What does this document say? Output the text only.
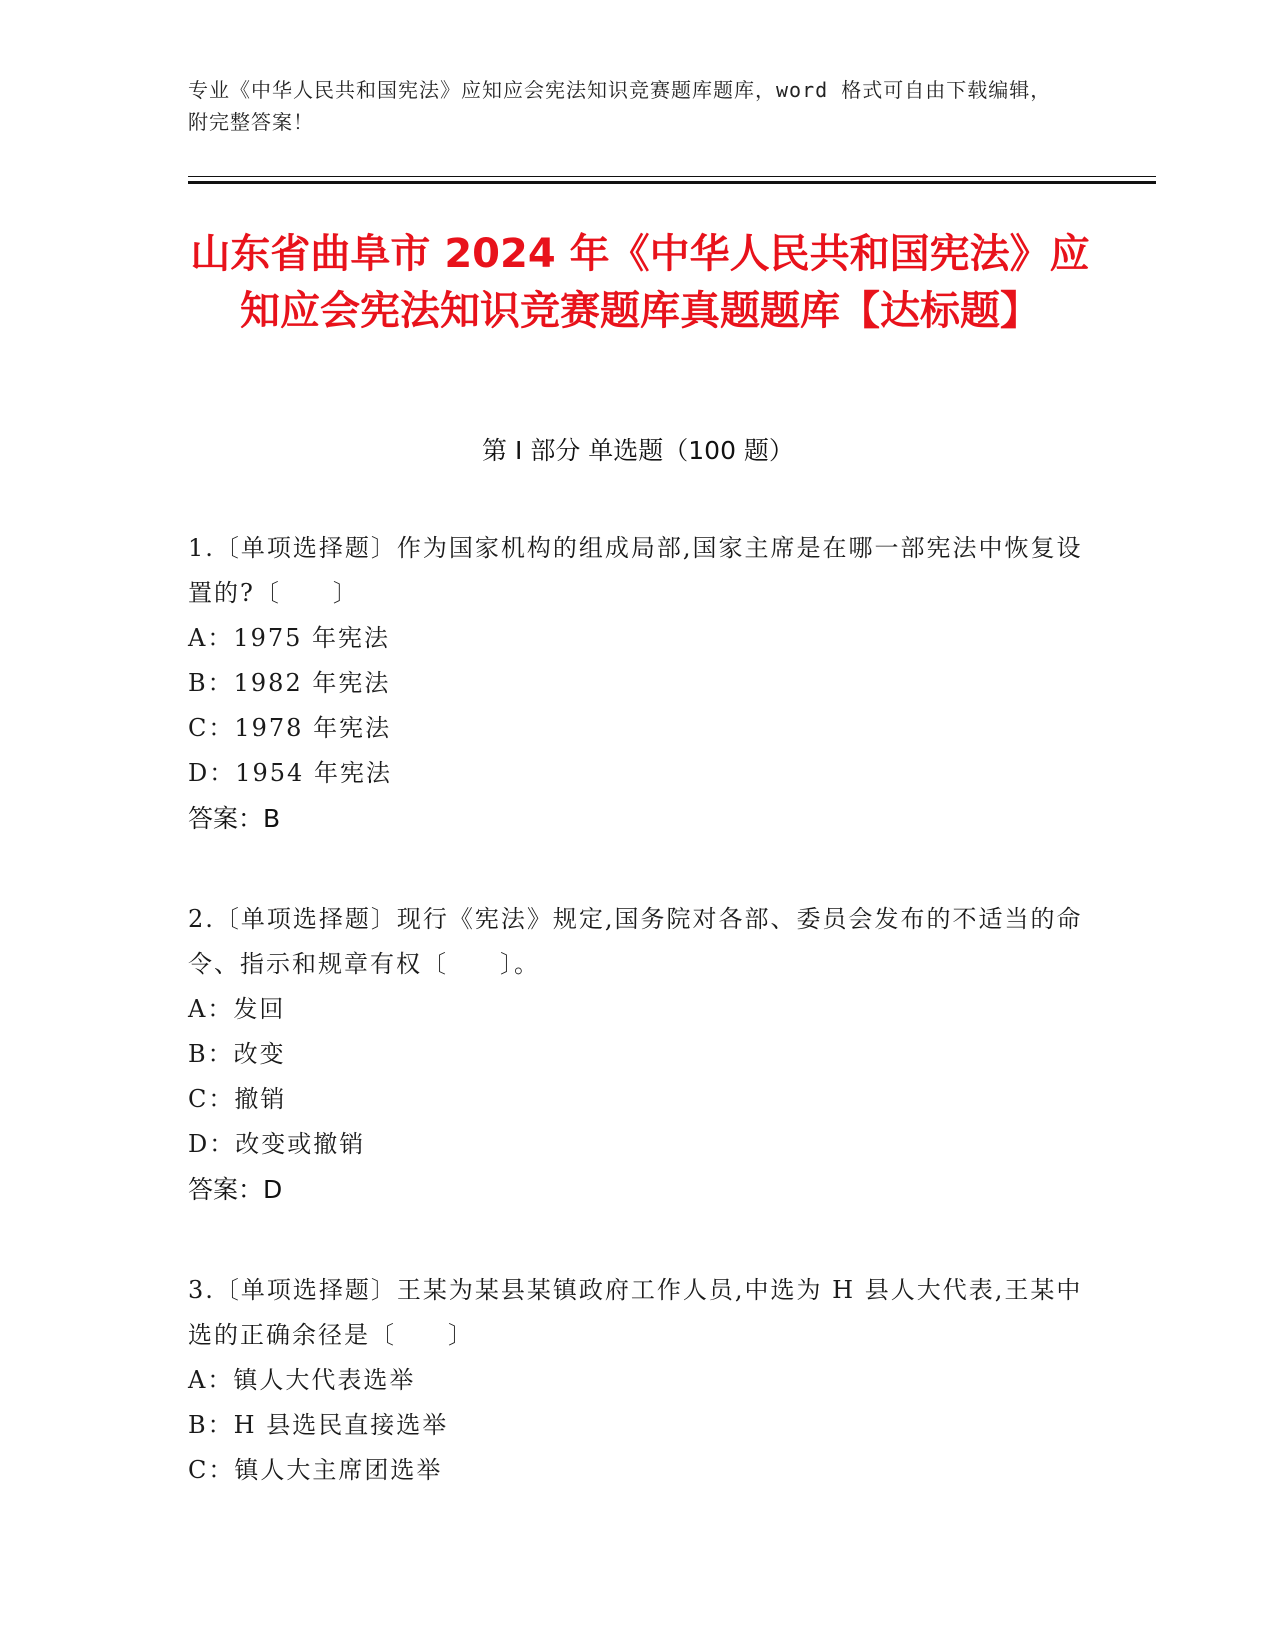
专业《中华人民共和国宪法》应知应会宪法知识竞赛题库题库，word 格式可自由下载编辑，附完整答案！
山东省曲阜市 2024 年《中华人民共和国宪法》应知应会宪法知识竞赛题库真题题库【达标题】
第 I 部分 单选题（100 题）

1.〔单项选择题〕作为国家机构的组成局部,国家主席是在哪一部宪法中恢复设置的?〔　　〕

A：1975 年宪法

B：1982 年宪法

C：1978 年宪法

D：1954 年宪法

答案：B

2.〔单项选择题〕现行《宪法》规定,国务院对各部、委员会发布的不适当的命令、指示和规章有权〔　　〕。

A：发回

B：改变

C：撤销

D：改变或撤销

答案：D

3.〔单项选择题〕王某为某县某镇政府工作人员,中选为 H 县人大代表,王某中选的正确余径是〔　　〕

A：镇人大代表选举

B：H 县选民直接选举

C：镇人大主席团选举
